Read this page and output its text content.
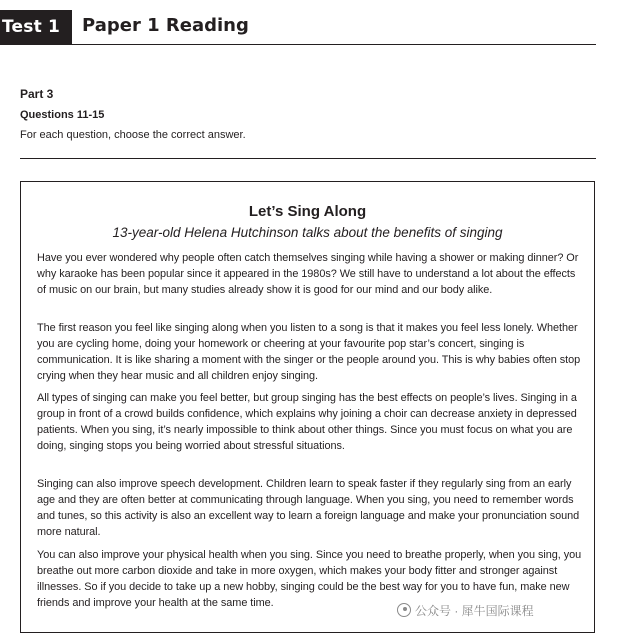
Test 1	Paper 1 Reading
Part 3
Questions 11-15
For each question, choose the correct answer.
Let’s Sing Along
13-year-old Helena Hutchinson talks about the benefits of singing

Have you ever wondered why people often catch themselves singing while having a shower or making dinner? Or why karaoke has been popular since it appeared in the 1980s? We still have to understand a lot about the effects of music on our brain, but many studies already show it is good for our mind and our body alike.

The first reason you feel like singing along when you listen to a song is that it makes you feel less lonely. Whether you are cycling home, doing your homework or cheering at your favourite pop star’s concert, singing is communication. It is like sharing a moment with the singer or the people around you. This is why babies often stop crying when they hear music and all children enjoy singing.

All types of singing can make you feel better, but group singing has the best effects on people’s lives. Singing in a group in front of a crowd builds confidence, which explains why joining a choir can decrease anxiety in depressed patients. When you sing, it’s nearly impossible to think about other things. Since you must focus on what you are doing, singing stops you being worried about stressful situations.

Singing can also improve speech development. Children learn to speak faster if they regularly sing from an early age and they are often better at communicating through language. When you sing, you need to remember words and tunes, so this activity is also an excellent way to learn a foreign language and make your pronunciation sound more natural.

You can also improve your physical health when you sing. Since you need to breathe properly, when you sing, you breathe out more carbon dioxide and take in more oxygen, which makes your body fitter and stronger against illnesses. So if you decide to take up a new hobby, singing could be the best way for you to have fun, make new friends and improve your health at the same time.

公众号 · 犀牛国际课程
